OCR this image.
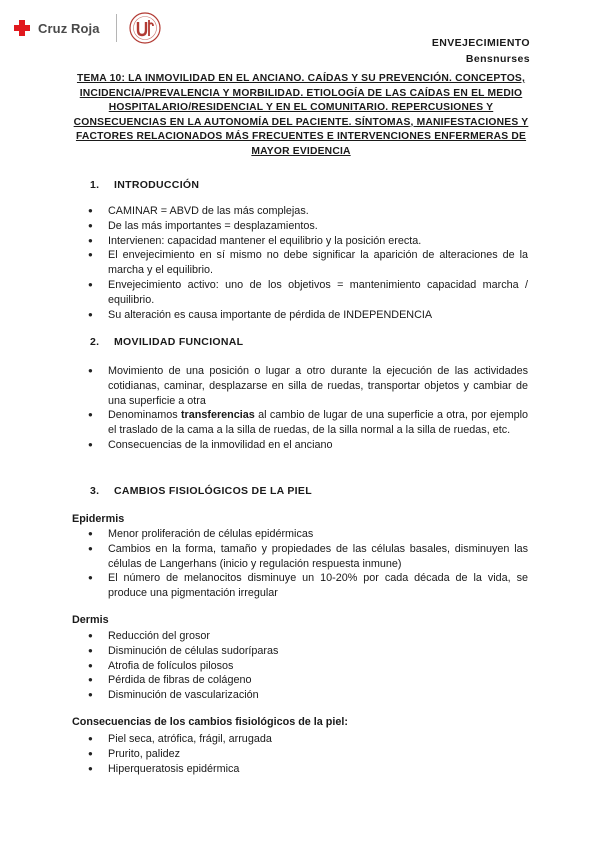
Cruz Roja
ENVEJECIMIENTO
Bensnurses
TEMA 10: LA INMOVILIDAD EN EL ANCIANO. CAÍDAS Y SU PREVENCIÓN. CONCEPTOS, INCIDENCIA/PREVALENCIA Y MORBILIDAD. ETIOLOGÍA DE LAS CAÍDAS EN EL MEDIO HOSPITALARIO/RESIDENCIAL Y EN EL COMUNITARIO. REPERCUSIONES Y CONSECUENCIAS EN LA AUTONOMÍA DEL PACIENTE. SÍNTOMAS, MANIFESTACIONES Y FACTORES RELACIONADOS MÁS FRECUENTES E INTERVENCIONES ENFERMERAS DE MAYOR EVIDENCIA
1. INTRODUCCIÓN
● CAMINAR = ABVD de las más complejas.
● De las más importantes = desplazamientos.
● Intervienen: capacidad mantener el equilibrio y la posición erecta.
● El envejecimiento en sí mismo no debe significar la aparición de alteraciones de la marcha y el equilibrio.
● Envejecimiento activo: uno de los objetivos = mantenimiento capacidad marcha / equilibrio.
● Su alteración es causa importante de pérdida de INDEPENDENCIA
2. MOVILIDAD FUNCIONAL
● Movimiento de una posición o lugar a otro durante la ejecución de las actividades cotidianas, caminar, desplazarse en silla de ruedas, transportar objetos y cambiar de una superficie a otra
● Denominamos transferencias al cambio de lugar de una superficie a otra, por ejemplo el traslado de la cama a la silla de ruedas, de la silla normal a la silla de ruedas, etc.
● Consecuencias de la inmovilidad en el anciano
3. CAMBIOS FISIOLÓGICOS DE LA PIEL
Epidermis
● Menor proliferación de células epidérmicas
● Cambios en la forma, tamaño y propiedades de las células basales, disminuyen las células de Langerhans (inicio y regulación respuesta inmune)
● El número de melanocitos disminuye un 10-20% por cada década de la vida, se produce una pigmentación irregular
Dermis
● Reducción del grosor
● Disminución de células sudoríparas
● Atrofia de folículos pilosos
● Pérdida de fibras de colágeno
● Disminución de vascularización
Consecuencias de los cambios fisiológicos de la piel:
● Piel seca, atrófica, frágil, arrugada
● Prurito, palidez
● Hiperqueratosis epidérmica
